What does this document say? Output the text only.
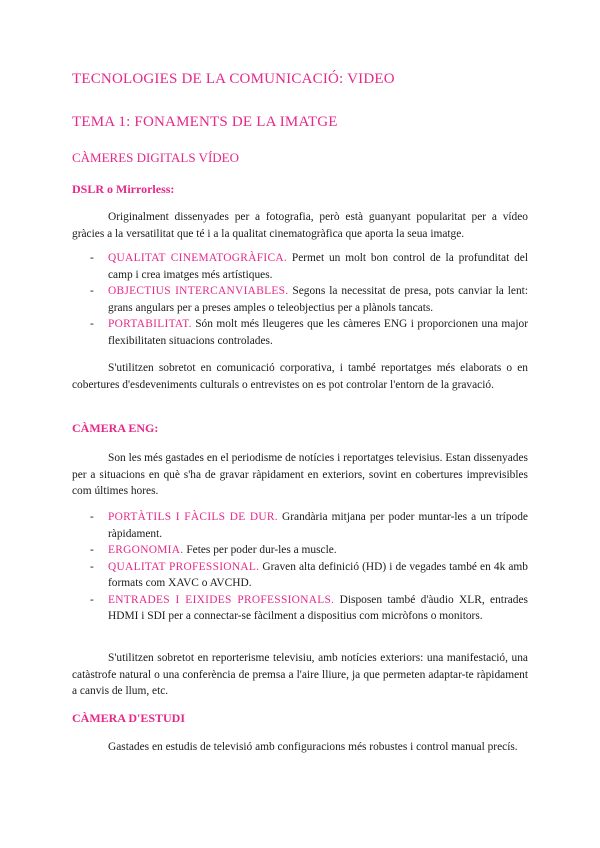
TECNOLOGIES DE LA COMUNICACIÓ: VIDEO
TEMA 1: FONAMENTS DE LA IMATGE
CÀMERES DIGITALS VÍDEO
DSLR o Mirrorless:

Originalment dissenyades per a fotografia, però està guanyant popularitat per a vídeo gràcies a la versatilitat que té i a la qualitat cinematogràfica que aporta la seua imatge.

- QUALITAT CINEMATOGRÀFICA. Permet un molt bon control de la profunditat del camp i crea imatges més artístiques.
- OBJECTIUS INTERCANVIABLES. Segons la necessitat de presa, pots canviar la lent: grans angulars per a preses amples o teleobjectius per a plànols tancats.
- PORTABILITAT. Són molt més lleugeres que les càmeres ENG i proporcionen una major flexibilitaten situacions controlades.

S'utilitzen sobretot en comunicació corporativa, i també reportatges més elaborats o en cobertures d'esdeveniments culturals o entrevistes on es pot controlar l'entorn de la gravació.

CÀMERA ENG:

Son les més gastades en el periodisme de notícies i reportatges televisius. Estan dissenyades per a situacions en què s'ha de gravar ràpidament en exteriors, sovint en cobertures imprevisibles com últimes hores.

- PORTÀTILS I FÀCILS DE DUR. Grandària mitjana per poder muntar-les a un trípode ràpidament.
- ERGONOMIA. Fetes per poder dur-les a muscle.
- QUALITAT PROFESSIONAL. Graven alta definició (HD) i de vegades també en 4k amb formats com XAVC o AVCHD.
- ENTRADES I EIXIDES PROFESSIONALS. Disposen també d'àudio XLR, entrades HDMI i SDI per a connectar-se fàcilment a dispositius com micròfons o monitors.

S'utilitzen sobretot en reporterisme televisiu, amb notícies exteriors: una manifestació, una catàstrofe natural o una conferència de premsa a l'aire lliure, ja que permeten adaptar-te ràpidament a canvis de llum, etc.

CÀMERA D'ESTUDI

Gastades en estudis de televisió amb configuracions més robustes i control manual precís.
